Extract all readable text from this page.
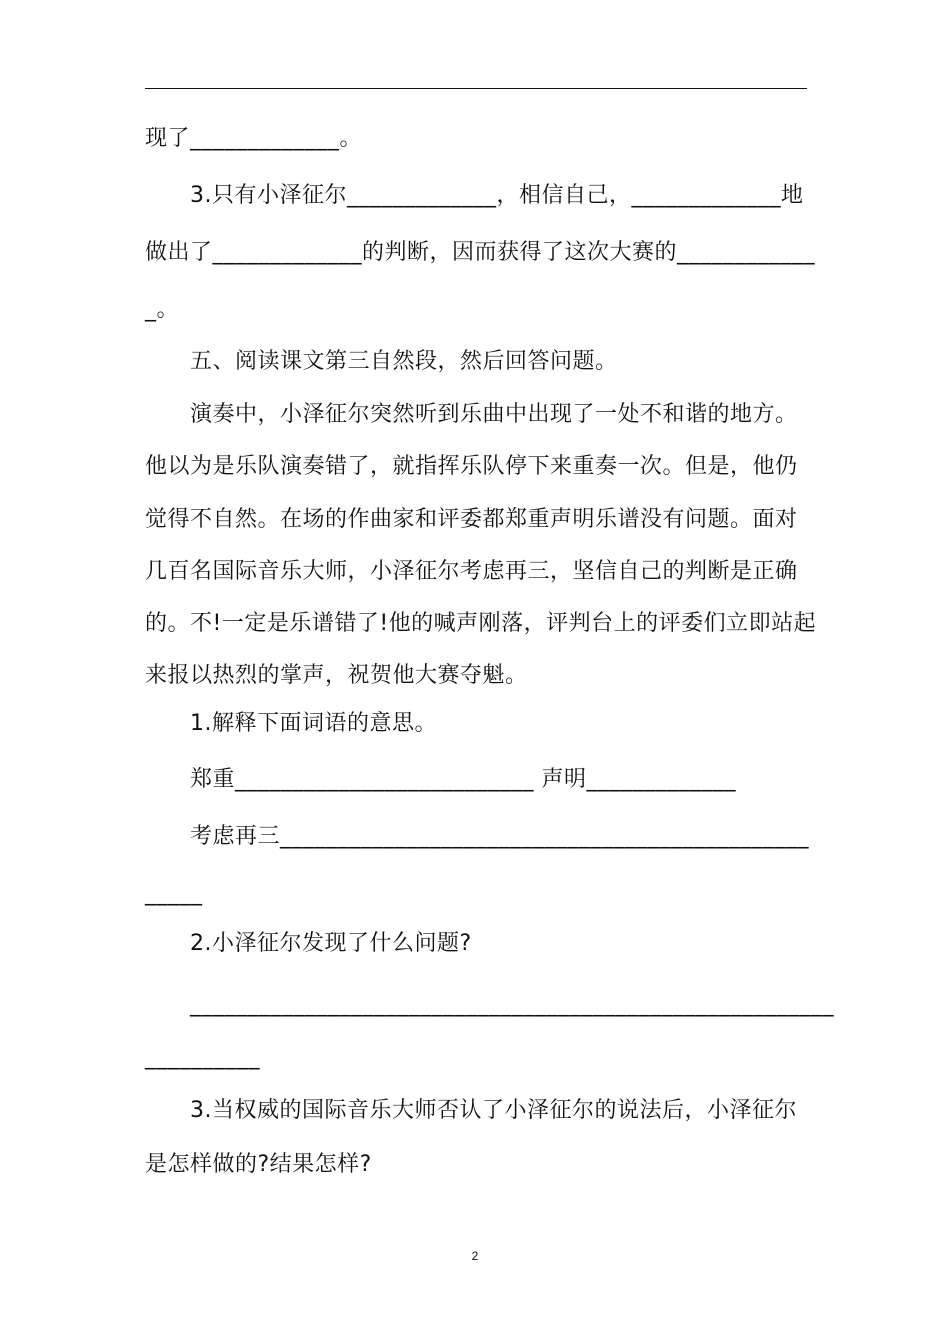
现了_____________。
3.只有小泽征尔_____________，相信自己，_____________地
做出了_____________的判断，因而获得了这次大赛的____________
_。
五、阅读课文第三自然段，然后回答问题。
演奏中，小泽征尔突然听到乐曲中出现了一处不和谐的地方。
他以为是乐队演奏错了，就指挥乐队停下来重奏一次。但是，他仍
觉得不自然。在场的作曲家和评委都郑重声明乐谱没有问题。面对
几百名国际音乐大师，小泽征尔考虑再三，坚信自己的判断是正确
的。不!一定是乐谱错了!他的喊声刚落，评判台上的评委们立即站起
来报以热烈的掌声，祝贺他大赛夺魁。
1.解释下面词语的意思。
郑重__________________________ 声明_____________
考虑再三______________________________________________
_____
2.小泽征尔发现了什么问题?
________________________________________________________
__________
3.当权威的国际音乐大师否认了小泽征尔的说法后，小泽征尔
是怎样做的?结果怎样?
2
